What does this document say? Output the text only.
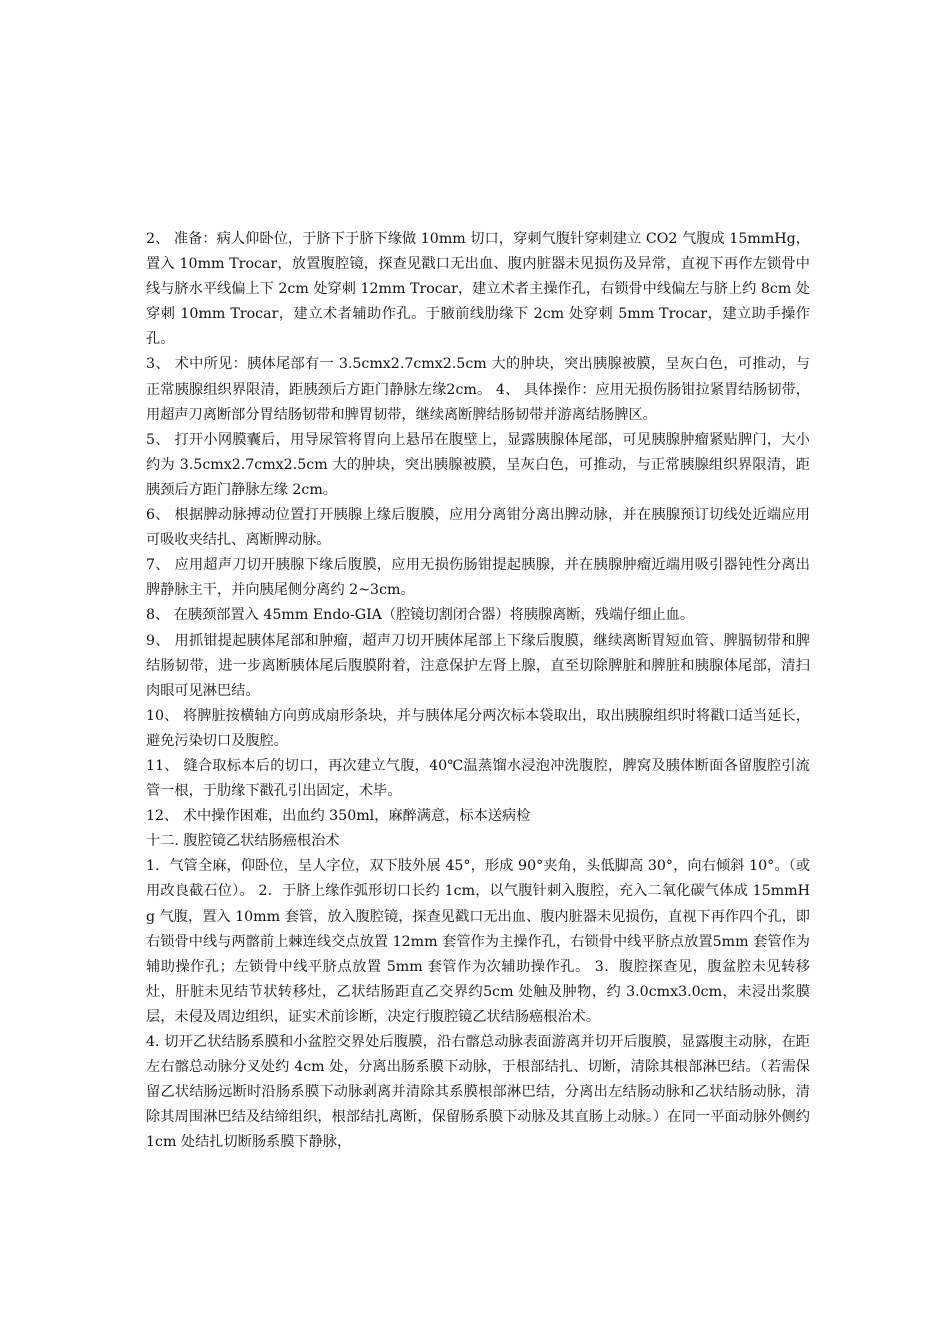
2、 准备：病人仰卧位，于脐下于脐下缘做 10mm 切口，穿刺气腹针穿刺建立 CO2 气腹成 15mmHg，置入 10mm Trocar，放置腹腔镜，探查见戳口无出血、腹内脏器未见损伤及异常，直视下再作左锁骨中线与脐水平线偏上下 2cm 处穿刺 12mm Trocar，建立术者主操作孔，右锁骨中线偏左与脐上约 8cm 处穿刺 10mm Trocar，建立术者辅助作孔。于腋前线肋缘下 2cm 处穿刺 5mm Trocar，建立助手操作孔。

3、 术中所见：胰体尾部有一 3.5cmx2.7cmx2.5cm 大的肿块，突出胰腺被膜，呈灰白色，可推动，与正常胰腺组织界限清，距胰颈后方距门静脉左缘2cm。 4、 具体操作：应用无损伤肠钳拉紧胃结肠韧带，用超声刀离断部分胃结肠韧带和脾胃韧带，继续离断脾结肠韧带并游离结肠脾区。

5、 打开小网膜囊后，用导尿管将胃向上悬吊在腹壁上，显露胰腺体尾部，可见胰腺肿瘤紧贴脾门，大小约为 3.5cmx2.7cmx2.5cm 大的肿块，突出胰腺被膜，呈灰白色，可推动，与正常胰腺组织界限清，距胰颈后方距门静脉左缘 2cm。

6、 根据脾动脉搏动位置打开胰腺上缘后腹膜，应用分离钳分离出脾动脉，并在胰腺预订切线处近端应用可吸收夹结扎、离断脾动脉。

7、 应用超声刀切开胰腺下缘后腹膜，应用无损伤肠钳提起胰腺，并在胰腺肿瘤近端用吸引器钝性分离出脾静脉主干，并向胰尾侧分离约 2~3cm。

8、 在胰颈部置入 45mm Endo-GIA（腔镜切割闭合器）将胰腺离断，残端仔细止血。

9、 用抓钳提起胰体尾部和肿瘤，超声刀切开胰体尾部上下缘后腹膜，继续离断胃短血管、脾膈韧带和脾结肠韧带，进一步离断胰体尾后腹膜附着，注意保护左肾上腺，直至切除脾脏和脾脏和胰腺体尾部，清扫肉眼可见淋巴结。

10、 将脾脏按横轴方向剪成扇形条块，并与胰体尾分两次标本袋取出，取出胰腺组织时将戳口适当延长，避免污染切口及腹腔。

11、 缝合取标本后的切口，再次建立气腹，40℃温蒸馏水浸泡冲洗腹腔，脾窝及胰体断面各留腹腔引流管一根，于肋缘下戳孔引出固定，术毕。

12、 术中操作困难，出血约 350ml，麻醉满意，标本送病检

十二. 腹腔镜乙状结肠癌根治术

1．气管全麻，仰卧位，呈人字位，双下肢外展 45°，形成 90°夹角，头低脚高 30°，向右倾斜 10°。（或用改良截石位）。 2．于脐上缘作弧形切口长约 1cm，以气腹针刺入腹腔，充入二氧化碳气体成 15mmHg 气腹，置入 10mm 套管，放入腹腔镜，探查见戳口无出血、腹内脏器未见损伤，直视下再作四个孔，即右锁骨中线与两髂前上棘连线交点放置 12mm 套管作为主操作孔，右锁骨中线平脐点放置5mm 套管作为辅助操作孔；左锁骨中线平脐点放置 5mm 套管作为次辅助操作孔。 3．腹腔探查见，腹盆腔未见转移灶，肝脏未见结节状转移灶，乙状结肠距直乙交界约5cm 处触及肿物，约 3.0cmx3.0cm，未浸出浆膜层，未侵及周边组织，证实术前诊断，决定行腹腔镜乙状结肠癌根治术。

4. 切开乙状结肠系膜和小盆腔交界处后腹膜，沿右髂总动脉表面游离并切开后腹膜，显露腹主动脉，在距左右髂总动脉分叉处约 4cm 处，分离出肠系膜下动脉，于根部结扎、切断，清除其根部淋巴结。（若需保留乙状结肠远断时沿肠系膜下动脉剥离并清除其系膜根部淋巴结，分离出左结肠动脉和乙状结肠动脉，清除其周围淋巴结及结缔组织，根部结扎离断，保留肠系膜下动脉及其直肠上动脉。）在同一平面动脉外侧约 1cm 处结扎切断肠系膜下静脉，
